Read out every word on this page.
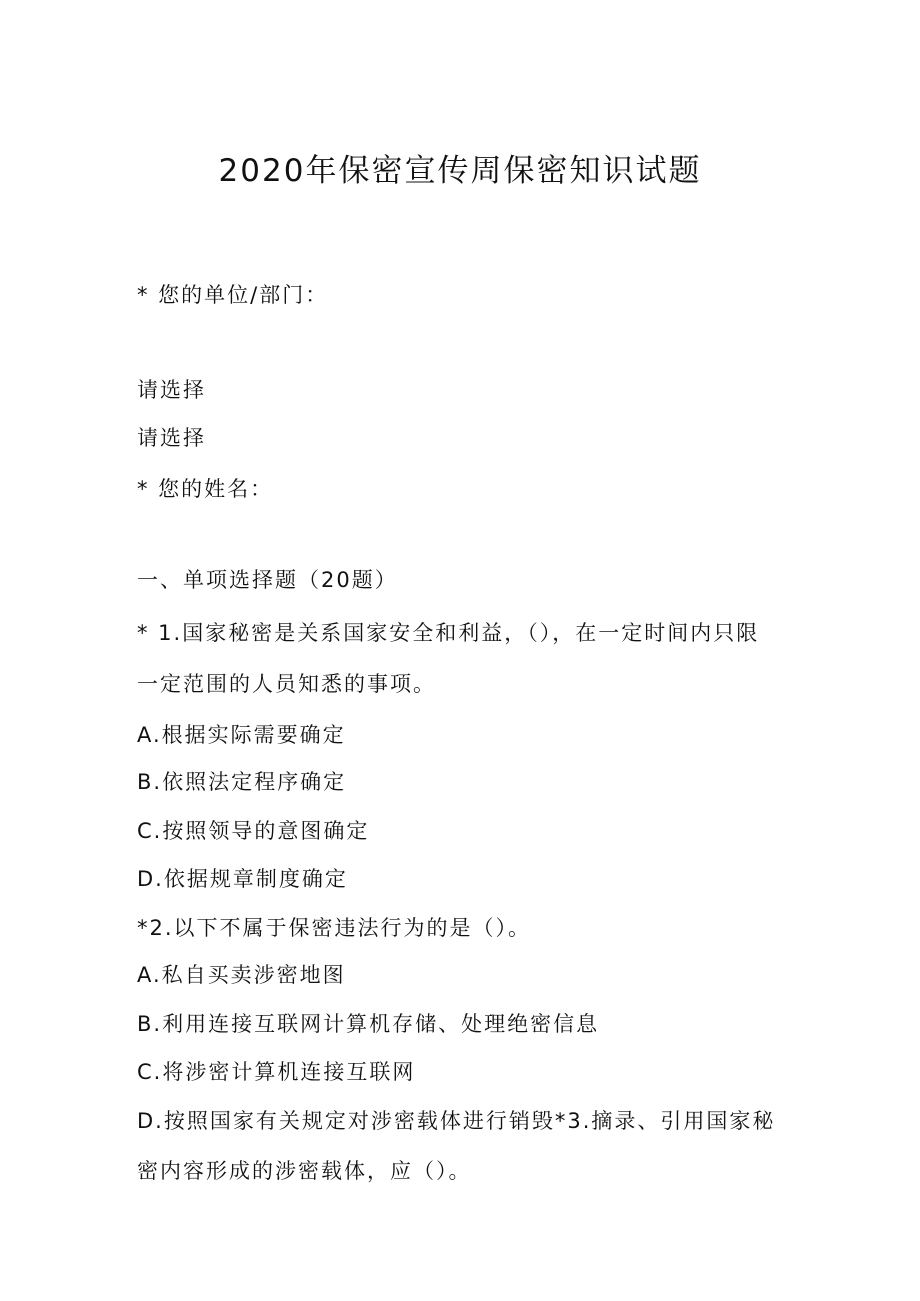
2020年保密宣传周保密知识试题
* 您的单位/部门：
请选择
请选择
* 您的姓名：
一、单项选择题（20题）
* 1.国家秘密是关系国家安全和利益，（），在一定时间内只限
一定范围的人员知悉的事项。
A.根据实际需要确定
B.依照法定程序确定
C.按照领导的意图确定
D.依据规章制度确定
*2.以下不属于保密违法行为的是（）。
A.私自买卖涉密地图
B.利用连接互联网计算机存储、处理绝密信息
C.将涉密计算机连接互联网
D.按照国家有关规定对涉密载体进行销毁*3.摘录、引用国家秘
密内容形成的涉密载体，应（）。
